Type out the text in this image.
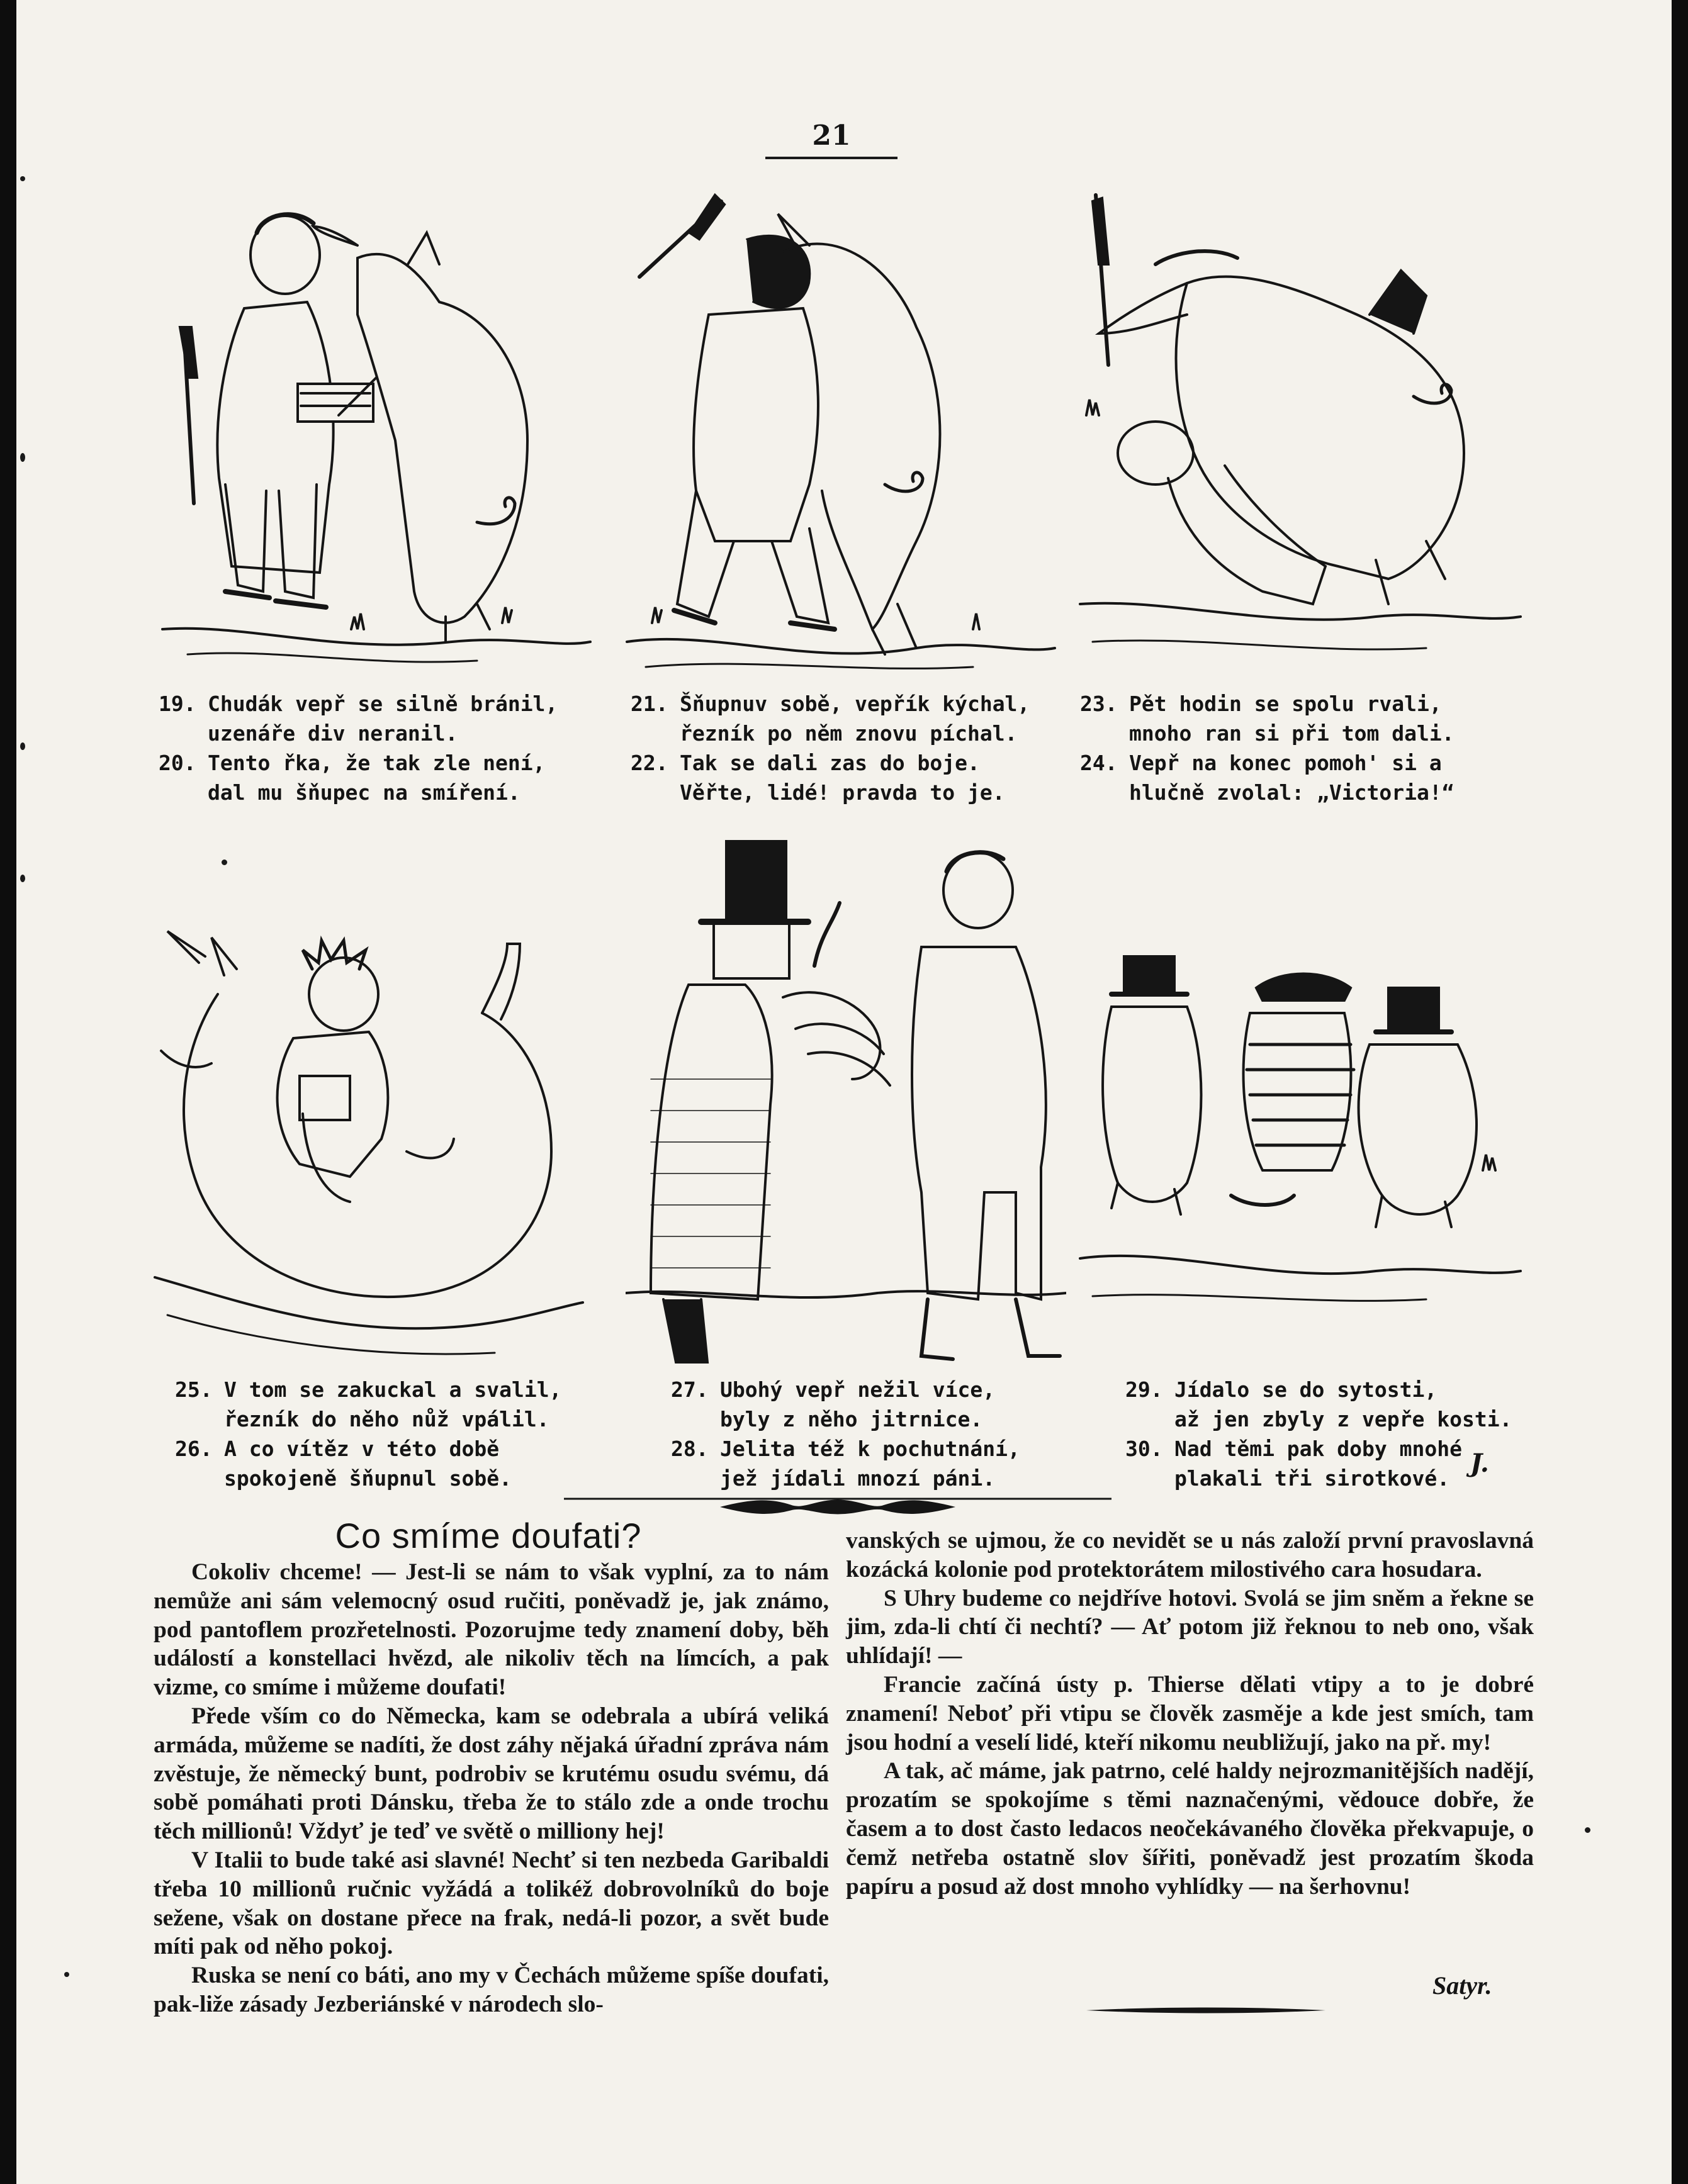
21
19. Chudák vepř se silně bránil,
uzenáře div neranil.
20. Tento řka, že tak zle není,
dal mu šňupec na smíření.
21. Šňupnuv sobě, vepřík kýchal,
řezník po něm znovu píchal.
22. Tak se dali zas do boje.
Věřte, lidé! pravda to je.
23. Pět hodin se spolu rvali,
mnoho ran si při tom dali.
24. Vepř na konec pomoh' si a
hlučně zvolal: „Victoria!“
25. V tom se zakuckal a svalil,
řezník do něho nůž vpálil.
26. A co vítěz v této době
spokojeně šňupnul sobě.
27. Ubohý vepř nežil více,
byly z něho jitrnice.
28. Jelita též k pochutnání,
jež jídali mnozí páni.
29. Jídalo se do sytosti,
až jen zbyly z vepře kosti.
30. Nad těmi pak doby mnohé
plakali tři sirotkové.
J.
Co smíme doufati?

Cokoliv chceme! — Jest-li se nám to však vyplní, za to nám nemůže ani sám velemocný osud ručiti, poněvadž je, jak známo, pod pantoflem prozřetelnosti. Pozorujme tedy znamení doby, běh událostí a konstellaci hvězd, ale nikoliv těch na límcích, a pak vizme, co smíme i můžeme doufati!

Přede vším co do Německa, kam se odebrala a ubírá veliká armáda, můžeme se nadíti, že dost záhy nějaká úřadní zpráva nám zvěstuje, že německý bunt, podrobiv se krutému osudu svému, dá sobě pomáhati proti Dánsku, třeba že to stálo zde a onde trochu těch millionů! Vždyť je teď ve světě o milliony hej!

V Italii to bude také asi slavné! Nechť si ten nezbeda Garibaldi třeba 10 millionů ručnic vyžádá a tolikéž dobrovolníků do boje sežene, však on dostane přece na frak, nedá-li pozor, a svět bude míti pak od něho pokoj.

Ruska se není co báti, ano my v Čechách můžeme spíše doufati, pak-liže zásady Jezberiánské v národech slo-

vanských se ujmou, že co nevidět se u nás založí první pravoslavná kozácká kolonie pod protektorátem milostivého cara hosudara.

S Uhry budeme co nejdříve hotovi. Svolá se jim sněm a řekne se jim, zda-li chtí či nechtí? — Ať potom již řeknou to neb ono, však uhlídají! —

Francie začíná ústy p. Thierse dělati vtipy a to je dobré znamení! Neboť při vtipu se člověk zasměje a kde jest smích, tam jsou hodní a veselí lidé, kteří nikomu neubližují, jako na př. my!

A tak, ač máme, jak patrno, celé haldy nejrozmanitějších nadějí, prozatím se spokojíme s těmi naznačenými, vědouce dobře, že časem a to dost často ledacos neočekávaného člověka překvapuje, o čemž netřeba ostatně slov šířiti, poněvadž jest prozatím škoda papíru a posud až dost mnoho vyhlídky — na šerhovnu!

Satyr.
